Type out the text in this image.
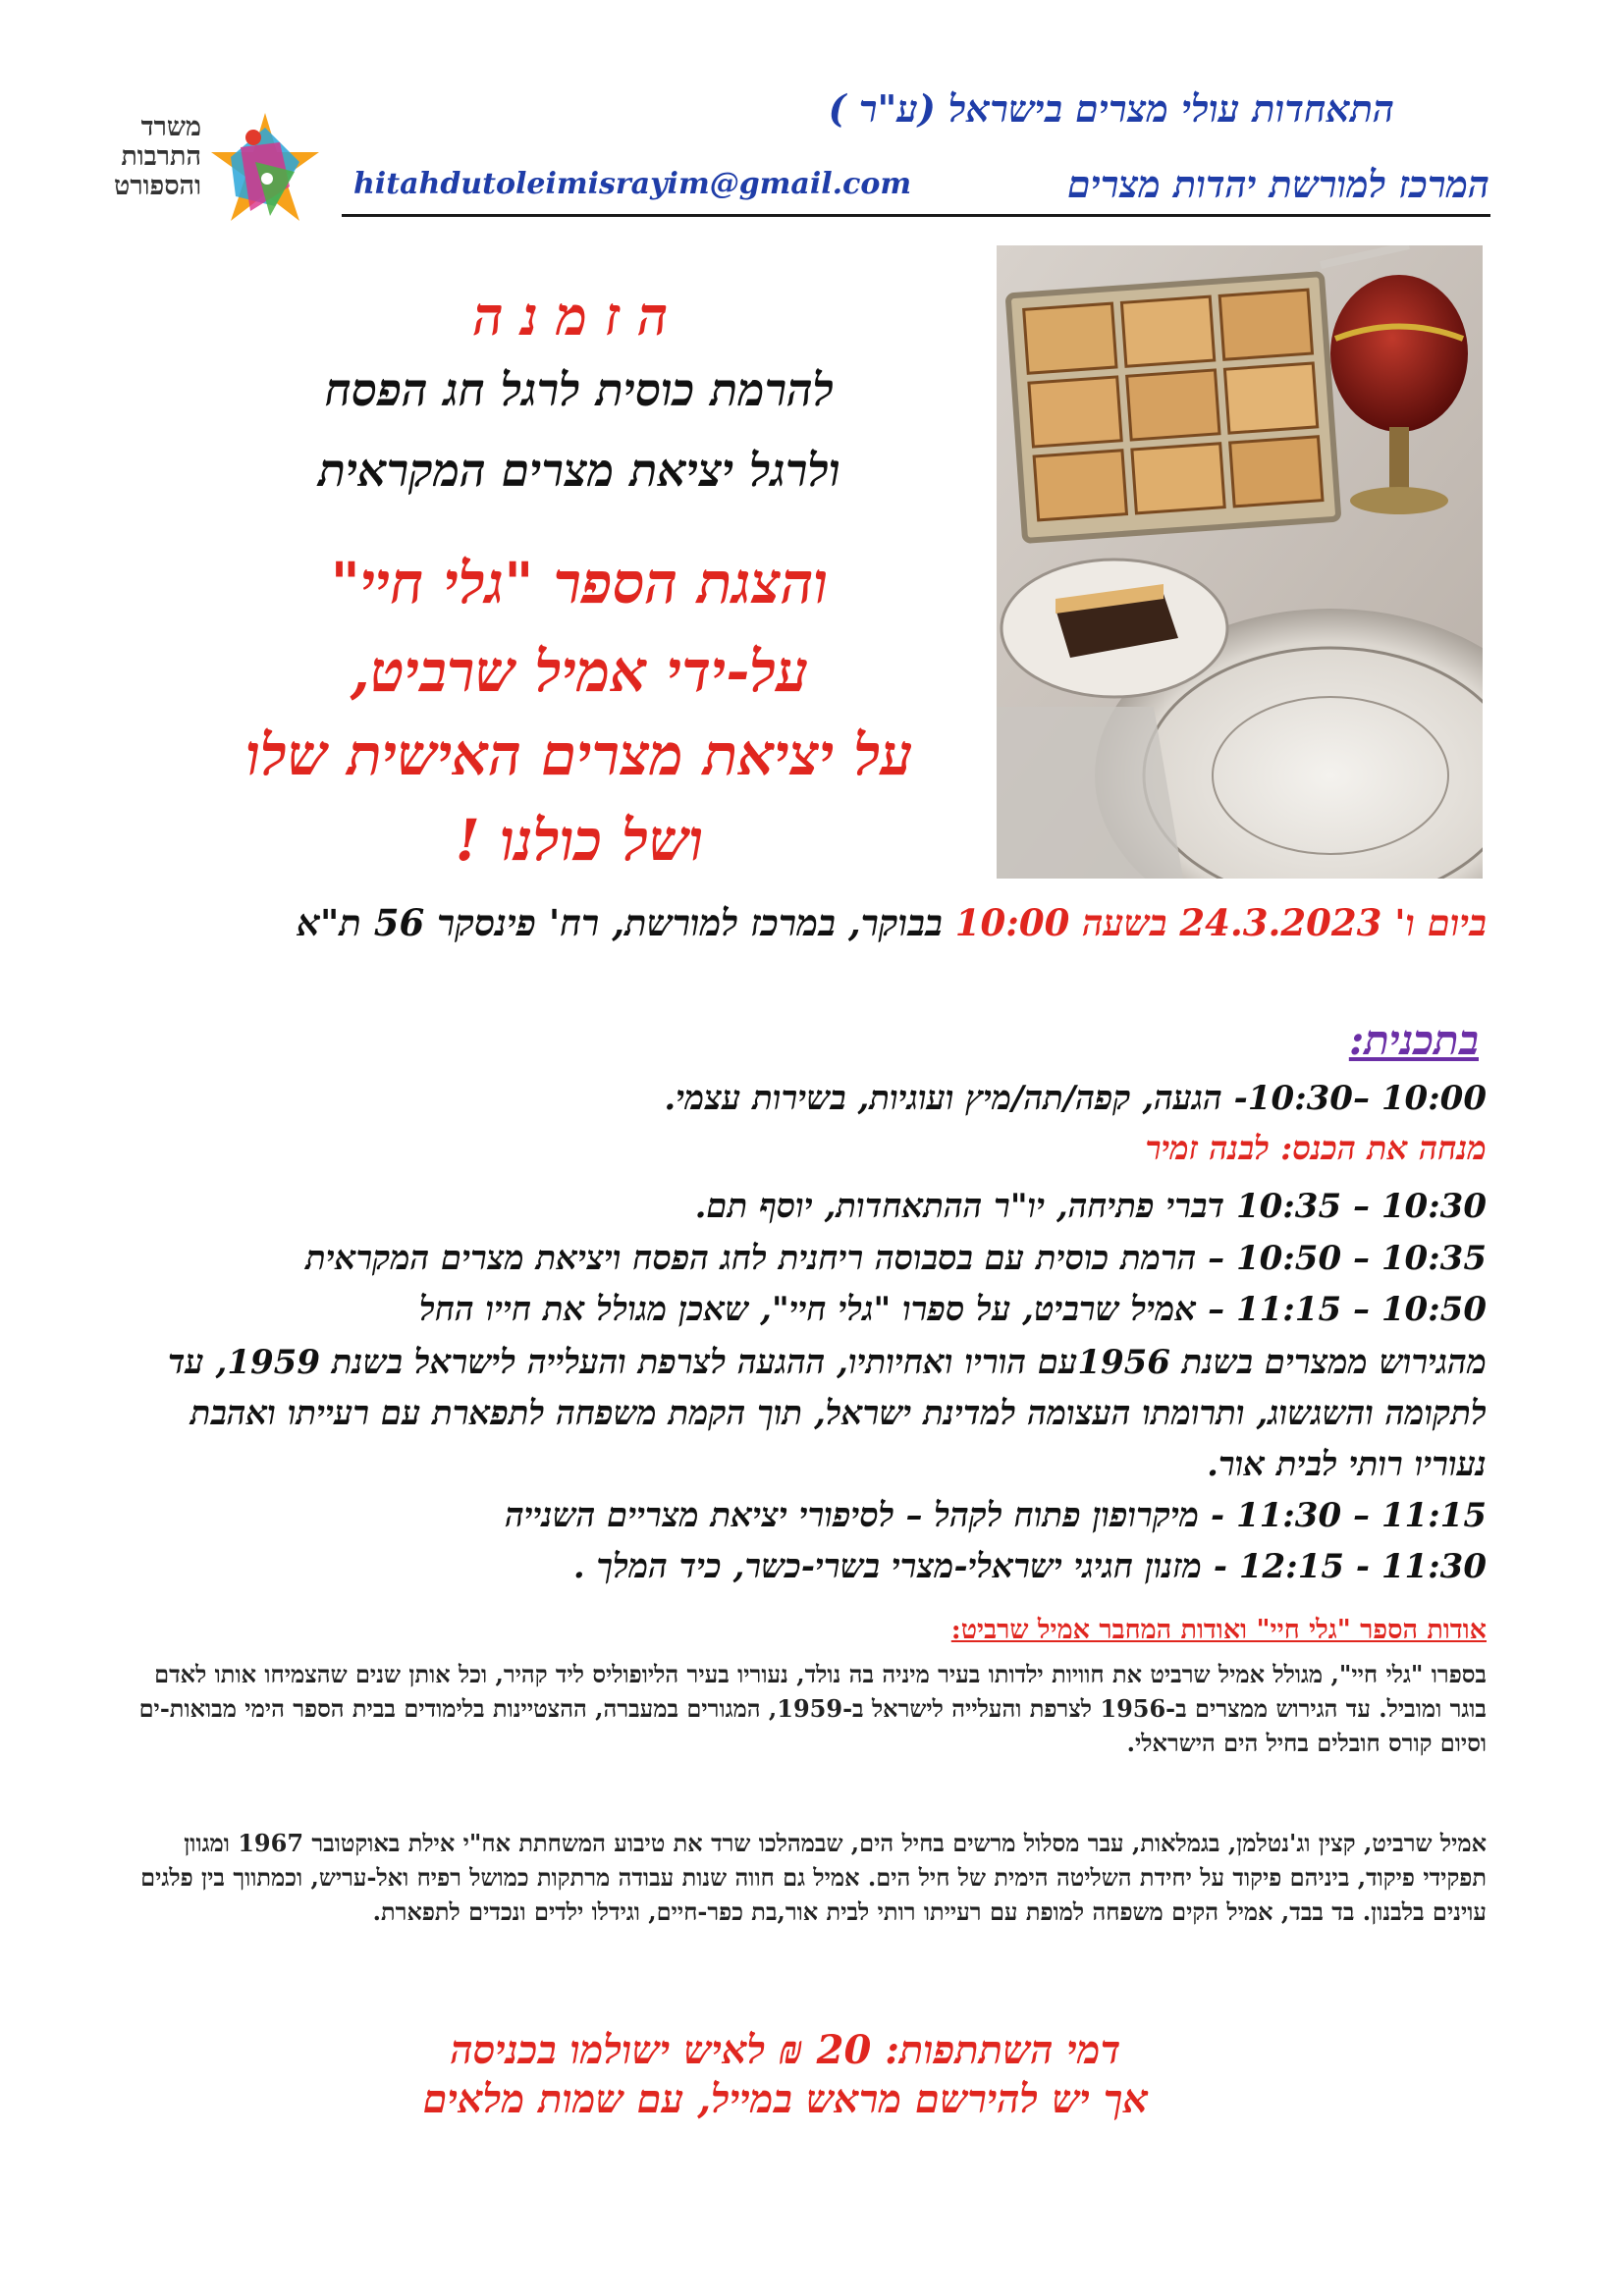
התאחדות עולי מצרים בישראל (ע"ר )
המרכז למורשת יהדות מצרים
hitahdutoleimisrayim@gmail.com
משרד התרבות והספורט
הזמנה
להרמת כוסית לרגל חג הפסח
ולרגל יציאת מצרים המקראית
והצגת הספר "גלי חיי"
על-ידי אמיל שרביט,
על יציאת מצרים האישית שלו
ושל כולנו !
ביום ו' 24.3.2023 בשעה 10:00 בבוקר, במרכז למורשת, רח' פינסקר 56 ת"א
בתכנית:
10:00 –10:30- הגעה, קפה/תה/מיץ ועוגיות, בשירות עצמי.
מנחה את הכנס: לבנה זמיר
10:30 – 10:35 דברי פתיחה, יו"ר ההתאחדות, יוסף תם.
10:35 – 10:50 – הרמת כוסית עם בסבוסה ריחנית לחג הפסח ויציאת מצרים המקראית
10:50 – 11:15 – אמיל שרביט, על ספרו "גלי חיי", שאכן מגולל את חייו החל
מהגירוש ממצרים בשנת 1956עם הוריו ואחיותיו, ההגעה לצרפת והעלייה לישראל בשנת 1959, עד לתקומה והשגשוג, ותרומתו העצומה למדינת ישראל, תוך הקמת משפחה לתפארת עם רעייתו ואהבת נעוריו רותי לבית אור.
11:15 – 11:30 - מיקרופון פתוח לקהל – לסיפורי יציאת מצריים השנייה
11:30 - 12:15 - מזנון חגיגי ישראלי-מצרי בשרי-כשר, כיד המלך .
אודות הספר "גלי חיי" ואודות המחבר אמיל שרביט:
בספרו "גלי חיי", מגולל אמיל שרביט את חוויות ילדותו בעיר מיניה בה נולד, נעוריו בעיר הליופוליס ליד קהיר, וכל אותן שנים שהצמיחו אותו לאדם בוגר ומוביל. עד הגירוש ממצרים ב-1956 לצרפת והעלייה לישראל ב-1959, המגורים במעברה, ההצטיינות בלימודים בבית הספר הימי מבואות-ים וסיום קורס חובלים בחיל הים הישראלי.
אמיל שרביט, קצין וג'נטלמן, בגמלאות, עבר מסלול מרשים בחיל הים, שבמהלכו שרד את טיבוע המשחתת אח"י אילת באוקטובר 1967 ומגוון תפקידי פיקוד, ביניהם פיקוד על יחידת השליטה הימית של חיל הים. אמיל גם חווה שנות עבודה מרתקות כמושל רפיח ואל-עריש, וכמתווך בין פלגים עוינים בלבנון. בד בבד, אמיל הקים משפחה למופת עם רעייתו רותי לבית אור,בת כפר-חיים, וגידלו ילדים ונכדים לתפארת.
דמי השתתפות: 20 ₪ לאיש ישולמו בכניסה
אך יש להירשם מראש במייל, עם שמות מלאים
